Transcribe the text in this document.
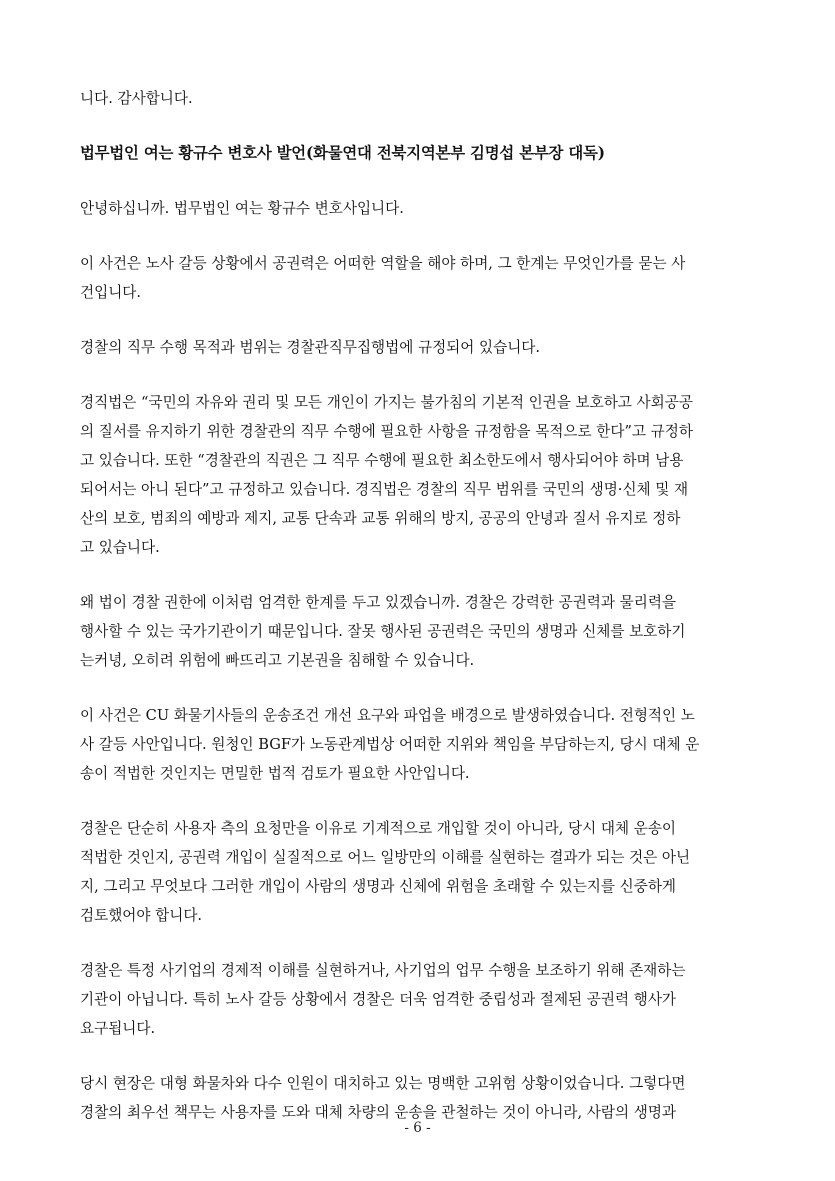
니다. 감사합니다.

법무법인 여는 황규수 변호사 발언(화물연대 전북지역본부 김명섭 본부장 대독)

안녕하십니까. 법무법인 여는 황규수 변호사입니다.

이 사건은 노사 갈등 상황에서 공권력은 어떠한 역할을 해야 하며, 그 한계는 무엇인가를 묻는 사
건입니다.

경찰의 직무 수행 목적과 범위는 경찰관직무집행법에 규정되어 있습니다.

경직법은 “국민의 자유와 권리 및 모든 개인이 가지는 불가침의 기본적 인권을 보호하고 사회공공
의 질서를 유지하기 위한 경찰관의 직무 수행에 필요한 사항을 규정함을 목적으로 한다”고 규정하
고 있습니다. 또한 “경찰관의 직권은 그 직무 수행에 필요한 최소한도에서 행사되어야 하며 남용
되어서는 아니 된다”고 규정하고 있습니다. 경직법은 경찰의 직무 범위를 국민의 생명·신체 및 재
산의 보호, 범죄의 예방과 제지, 교통 단속과 교통 위해의 방지, 공공의 안녕과 질서 유지로 정하
고 있습니다.

왜 법이 경찰 권한에 이처럼 엄격한 한계를 두고 있겠습니까. 경찰은 강력한 공권력과 물리력을
행사할 수 있는 국가기관이기 때문입니다. 잘못 행사된 공권력은 국민의 생명과 신체를 보호하기
는커녕, 오히려 위험에 빠뜨리고 기본권을 침해할 수 있습니다.

이 사건은 CU 화물기사들의 운송조건 개선 요구와 파업을 배경으로 발생하였습니다. 전형적인 노
사 갈등 사안입니다. 원청인 BGF가 노동관계법상 어떠한 지위와 책임을 부담하는지, 당시 대체 운
송이 적법한 것인지는 면밀한 법적 검토가 필요한 사안입니다.

경찰은 단순히 사용자 측의 요청만을 이유로 기계적으로 개입할 것이 아니라, 당시 대체 운송이
적법한 것인지, 공권력 개입이 실질적으로 어느 일방만의 이해를 실현하는 결과가 되는 것은 아닌
지, 그리고 무엇보다 그러한 개입이 사람의 생명과 신체에 위험을 초래할 수 있는지를 신중하게
검토했어야 합니다.

경찰은 특정 사기업의 경제적 이해를 실현하거나, 사기업의 업무 수행을 보조하기 위해 존재하는
기관이 아닙니다. 특히 노사 갈등 상황에서 경찰은 더욱 엄격한 중립성과 절제된 공권력 행사가
요구됩니다.

당시 현장은 대형 화물차와 다수 인원이 대치하고 있는 명백한 고위험 상황이었습니다. 그렇다면
경찰의 최우선 책무는 사용자를 도와 대체 차량의 운송을 관철하는 것이 아니라, 사람의 생명과

- 6 -
